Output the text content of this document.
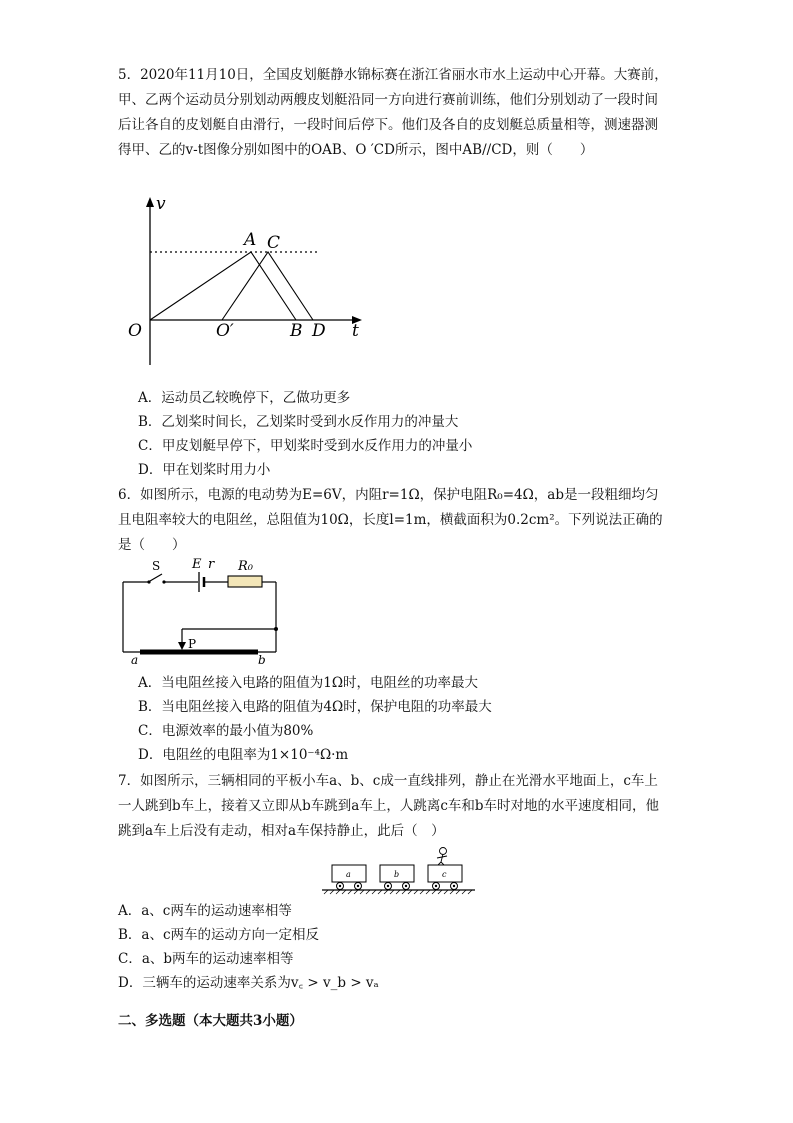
5．2020年11月10日，全国皮划艇静水锦标赛在浙江省丽水市水上运动中心开幕。大赛前，甲、乙两个运动员分别划动两艘皮划艇沿同一方向进行赛前训练，他们分别划动了一段时间后让各自的皮划艇自由滑行，一段时间后停下。他们及各自的皮划艇总质量相等，测速器测得甲、乙的v-t图像分别如图中的OAB、O ′CD所示，图中AB//CD，则（　　）

v
t
O	O′
A C
B D

A．运动员乙较晚停下，乙做功更多

B．乙划桨时间长，乙划桨时受到水反作用力的冲量大

C．甲皮划艇早停下，甲划桨时受到水反作用力的冲量小

D．甲在划桨时用力小

6．如图所示，电源的电动势为E=6V，内阻r=1Ω，保护电阻R₀=4Ω，ab是一段粗细均匀且电阻率较大的电阻丝，总阻值为10Ω，长度l=1m，横截面积为0.2cm²。下列说法正确的是（　　）

S E r R₀
P
a	b

A．当电阻丝接入电路的阻值为1Ω时，电阻丝的功率最大

B．当电阻丝接入电路的阻值为4Ω时，保护电阻的功率最大

C．电源效率的最小值为80%

D．电阻丝的电阻率为1×10⁻⁴Ω·m

7．如图所示，三辆相同的平板小车a、b、c成一直线排列，静止在光滑水平地面上，c车上一人跳到b车上，接着又立即从b车跳到a车上，人跳离c车和b车时对地的水平速度相同，他跳到a车上后没有走动，相对a车保持静止，此后（　）

a	b	c

A．a、c两车的运动速率相等

B．a、c两车的运动方向一定相反

C．a、b两车的运动速率相等

D．三辆车的运动速率关系为v꜀ > v_b > vₐ

二、多选题（本大题共3小题）
